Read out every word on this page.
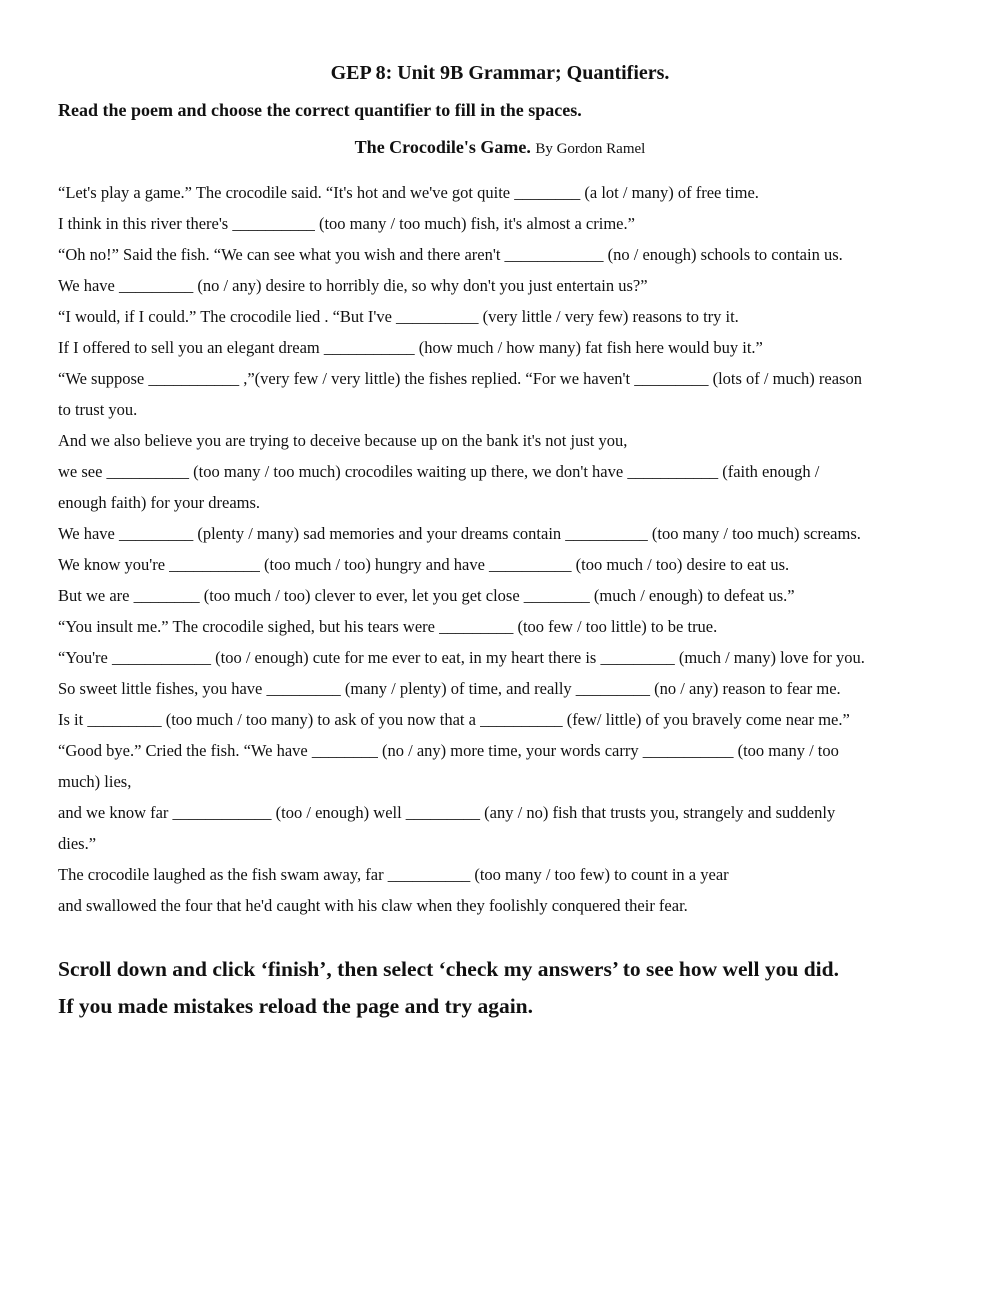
GEP 8: Unit 9B Grammar; Quantifiers.
Read the poem and choose the correct quantifier to fill in the spaces.
The Crocodile's Game. By Gordon Ramel
“Let's play a game.” The crocodile said. “It's hot and we've got quite ________ (a lot / many) of free time.
I think in this river there's __________ (too many / too much) fish, it's almost a crime.”
“Oh no!” Said the fish. “We can see what you wish and there aren't ____________ (no / enough) schools to contain us.
We have _________ (no / any) desire to horribly die, so why don't you just entertain us?”
“I would, if I could.” The crocodile lied . “But I've __________ (very little / very few) reasons to try it.
If I offered to sell you an elegant dream ___________ (how much / how many) fat fish here would buy it.”
“We suppose ___________ ,”(very few / very little) the fishes replied. “For we haven't _________ (lots of / much) reason
to trust you.
And we also believe you are trying to deceive because up on the bank it's not just you,
we see __________ (too many / too much) crocodiles waiting up there, we don't have ___________ (faith enough /
enough faith) for your dreams.
We have _________ (plenty / many) sad memories and your dreams contain __________ (too many / too much) screams.
We know you're ___________ (too much / too) hungry and have __________ (too much / too) desire to eat us.
But we are ________ (too much / too) clever to ever, let you get close ________ (much / enough) to defeat us.”
“You insult me.” The crocodile sighed, but his tears were _________ (too few / too little) to be true.
“You're ____________ (too / enough) cute for me ever to eat, in my heart there is _________ (much / many) love for you.
So sweet little fishes, you have _________ (many / plenty) of time, and really _________ (no / any) reason to fear me.
Is it _________ (too much / too many) to ask of you now that a __________ (few/ little) of you bravely come near me.”
“Good bye.” Cried the fish. “We have ________ (no / any) more time, your words carry ___________ (too many / too
much) lies,
and we know far ____________ (too / enough) well _________ (any / no) fish that trusts you, strangely and suddenly
dies.”
The crocodile laughed as the fish swam away, far __________ (too many / too few) to count in a year
and swallowed the four that he'd caught with his claw when they foolishly conquered their fear.
Scroll down and click ‘finish’, then select ‘check my answers’ to see how well you did.
If you made mistakes reload the page and try again.
